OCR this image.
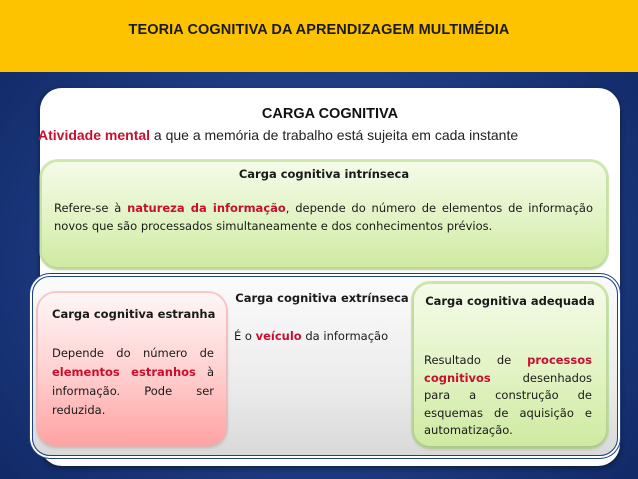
TEORIA COGNITIVA DA APRENDIZAGEM MULTIMÉDIA
CARGA COGNITIVA
Atividade mental a que a memória de trabalho está sujeita em cada instante
Carga cognitiva intrínseca
Refere-se à natureza da informação, depende do número de elementos de informação novos que são processados simultaneamente e dos conhecimentos prévios.
Carga cognitiva extrínseca
É o veículo da informação
Carga cognitiva estranha
Depende do número de elementos estranhos à informação. Pode ser reduzida.
Carga cognitiva adequada
Resultado de processos cognitivos desenhados para a construção de esquemas de aquisição e automatização.
